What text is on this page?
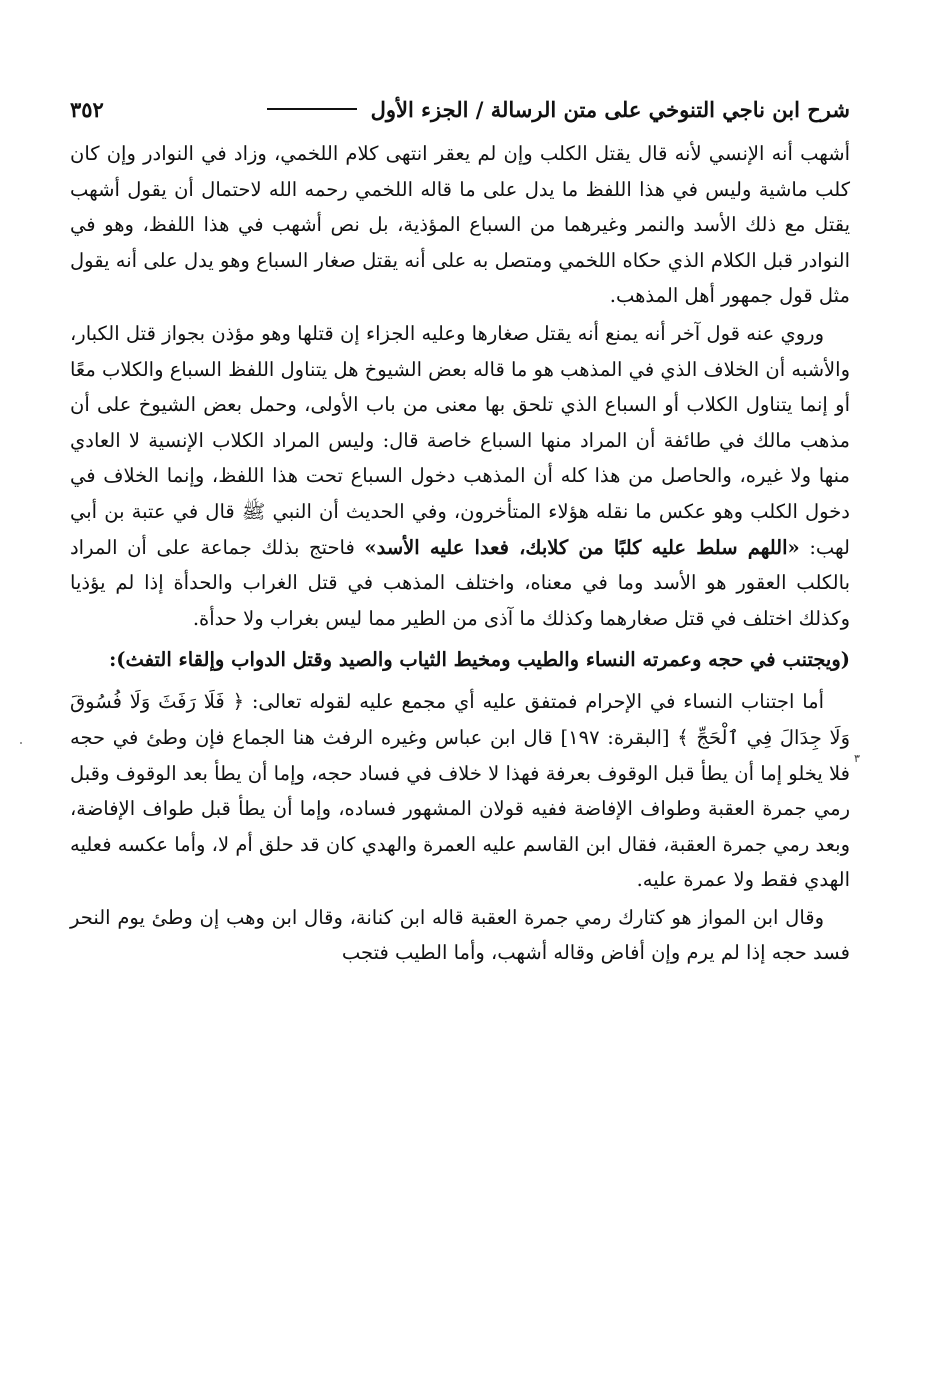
شرح ابن ناجي التنوخي على متن الرسالة / الجزء الأول
٣٥٢

أشهب أنه الإنسي لأنه قال يقتل الكلب وإن لم يعقر انتهى كلام اللخمي، وزاد في النوادر وإن كان كلب ماشية وليس في هذا اللفظ ما يدل على ما قاله اللخمي رحمه الله لاحتمال أن يقول أشهب يقتل مع ذلك الأسد والنمر وغيرهما من السباع المؤذية، بل نص أشهب في هذا اللفظ، وهو في النوادر قبل الكلام الذي حكاه اللخمي ومتصل به على أنه يقتل صغار السباع وهو يدل على أنه يقول مثل قول جمهور أهل المذهب.

وروي عنه قول آخر أنه يمنع أنه يقتل صغارها وعليه الجزاء إن قتلها وهو مؤذن بجواز قتل الكبار، والأشبه أن الخلاف الذي في المذهب هو ما قاله بعض الشيوخ هل يتناول اللفظ السباع والكلاب معًا أو إنما يتناول الكلاب أو السباع الذي تلحق بها معنى من باب الأولى، وحمل بعض الشيوخ على أن مذهب مالك في طائفة أن المراد منها السباع خاصة قال: وليس المراد الكلاب الإنسية لا العادي منها ولا غيره، والحاصل من هذا كله أن المذهب دخول السباع تحت هذا اللفظ، وإنما الخلاف في دخول الكلب وهو عكس ما نقله هؤلاء المتأخرون، وفي الحديث أن النبي ﷺ قال في عتبة بن أبي لهب: «اللهم سلط عليه كلبًا من كلابك، فعدا عليه الأسد» فاحتج بذلك جماعة على أن المراد بالكلب العقور هو الأسد وما في معناه، واختلف المذهب في قتل الغراب والحدأة إذا لم يؤذيا وكذلك اختلف في قتل صغارهما وكذلك ما آذى من الطير مما ليس بغراب ولا حدأة.

(ويجتنب في حجه وعمرته النساء والطيب ومخيط الثياب والصيد وقتل الدواب وإلقاء التفث):

أما اجتناب النساء في الإحرام فمتفق عليه أي مجمع عليه لقوله تعالى: ﴿ فَلَا رَفَثَ وَلَا فُسُوقَ وَلَا جِدَالَ فِي ٱلْحَجِّ ﴾ [البقرة: ١٩٧] قال ابن عباس وغيره الرفث هنا الجماع فإن وطئ في حجه فلا يخلو إما أن يطأ قبل الوقوف بعرفة فهذا لا خلاف في فساد حجه، وإما أن يطأ بعد الوقوف وقبل رمي جمرة العقبة وطواف الإفاضة ففيه قولان المشهور فساده، وإما أن يطأ قبل طواف الإفاضة، وبعد رمي جمرة العقبة، فقال ابن القاسم عليه العمرة والهدي كان قد حلق أم لا، وأما عكسه فعليه الهدي فقط ولا عمرة عليه.

وقال ابن المواز هو كتارك رمي جمرة العقبة قاله ابن كنانة، وقال ابن وهب إن وطئ يوم النحر فسد حجه إذا لم يرم وإن أفاض وقاله أشهب، وأما الطيب فتجب

٣
